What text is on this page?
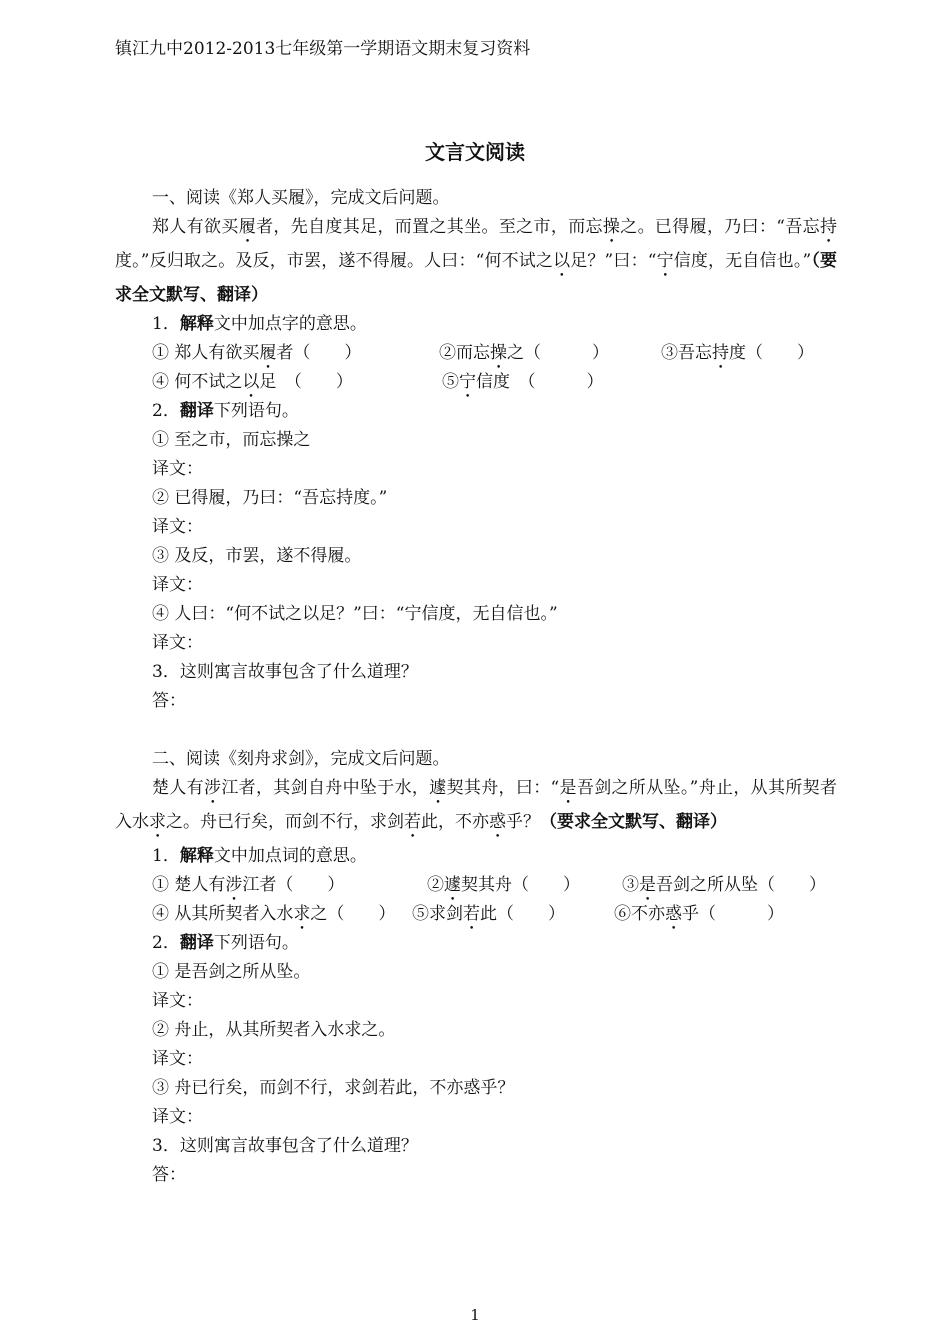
镇江九中2012-2013七年级第一学期语文期末复习资料
文言文阅读
一、阅读《郑人买履》，完成文后问题。
郑人有欲买履者，先自度其足，而置之其坐。至之市，而忘操之。已得履，乃曰：“吾忘持度。”反归取之。及反，市罢，遂不得履。人曰：“何不试之以足？”曰：“宁信度，无自信也。”（要求全文默写、翻译）
1．解释文中加点字的意思。
① 郑人有欲买履者（　　）	②而忘操之（　　　）	③吾忘持度（　　）
④ 何不试之以足　（　　）	⑤宁信度　（　　　）
2．翻译下列语句。
① 至之市，而忘操之
译文：
② 已得履，乃曰：“吾忘持度。”
译文：
③ 及反，市罢，遂不得履。
译文：
④ 人曰：“何不试之以足？”曰：“宁信度，无自信也。”
译文：
3．这则寓言故事包含了什么道理？
答：
二、阅读《刻舟求剑》，完成文后问题。
楚人有涉江者，其剑自舟中坠于水，遽契其舟，曰：“是吾剑之所从坠。”舟止，从其所契者入水求之。舟已行矣，而剑不行，求剑若此，不亦惑乎？（要求全文默写、翻译）
1．解释文中加点词的意思。
① 楚人有涉江者（　　）	②遽契其舟（　　）	③是吾剑之所从坠（　　）
④ 从其所契者入水求之（　　） ⑤求剑若此（　　）	⑥不亦惑乎（　　　）
2．翻译下列语句。
① 是吾剑之所从坠。
译文：
② 舟止，从其所契者入水求之。
译文：
③ 舟已行矣，而剑不行，求剑若此，不亦惑乎？
译文：
3．这则寓言故事包含了什么道理？
答：
1
